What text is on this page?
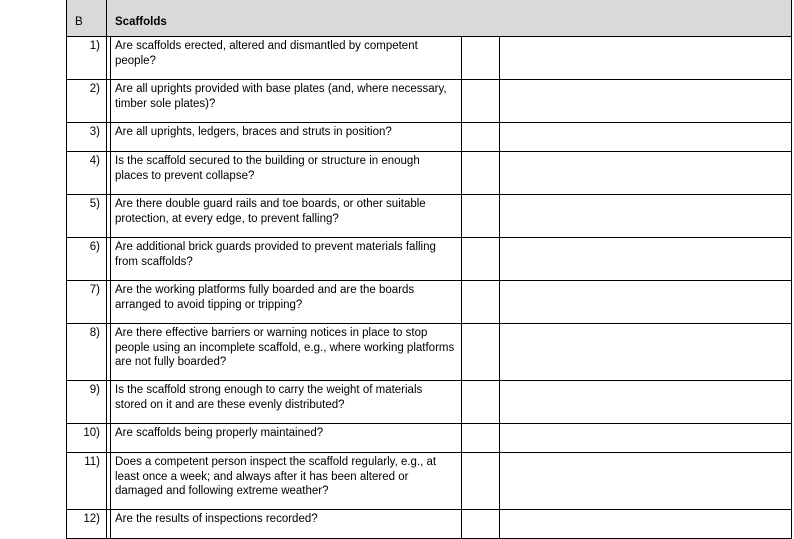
B	Scaffolds		
1)	Are scaffolds erected, altered and dismantled by competent people?		
2)	Are all uprights provided with base plates (and, where necessary, timber sole plates)?		
3)	Are all uprights, ledgers, braces and struts in position?		
4)	Is the scaffold secured to the building or structure in enough places to prevent collapse?		
5)	Are there double guard rails and toe boards, or other suitable protection, at every edge, to prevent falling?		
6)	Are additional brick guards provided to prevent materials falling from scaffolds?		
7)	Are the working platforms fully boarded and are the boards arranged to avoid tipping or tripping?		
8)	Are there effective barriers or warning notices in place to stop people using an incomplete scaffold, e.g., where working platforms are not fully boarded?		
9)	Is the scaffold strong enough to carry the weight of materials stored on it and are these evenly distributed?		
10)	Are scaffolds being properly maintained?		
11)	Does a competent person inspect the scaffold regularly, e.g., at least once a week; and always after it has been altered or damaged and following extreme weather?		
12)	Are the results of inspections recorded?		
